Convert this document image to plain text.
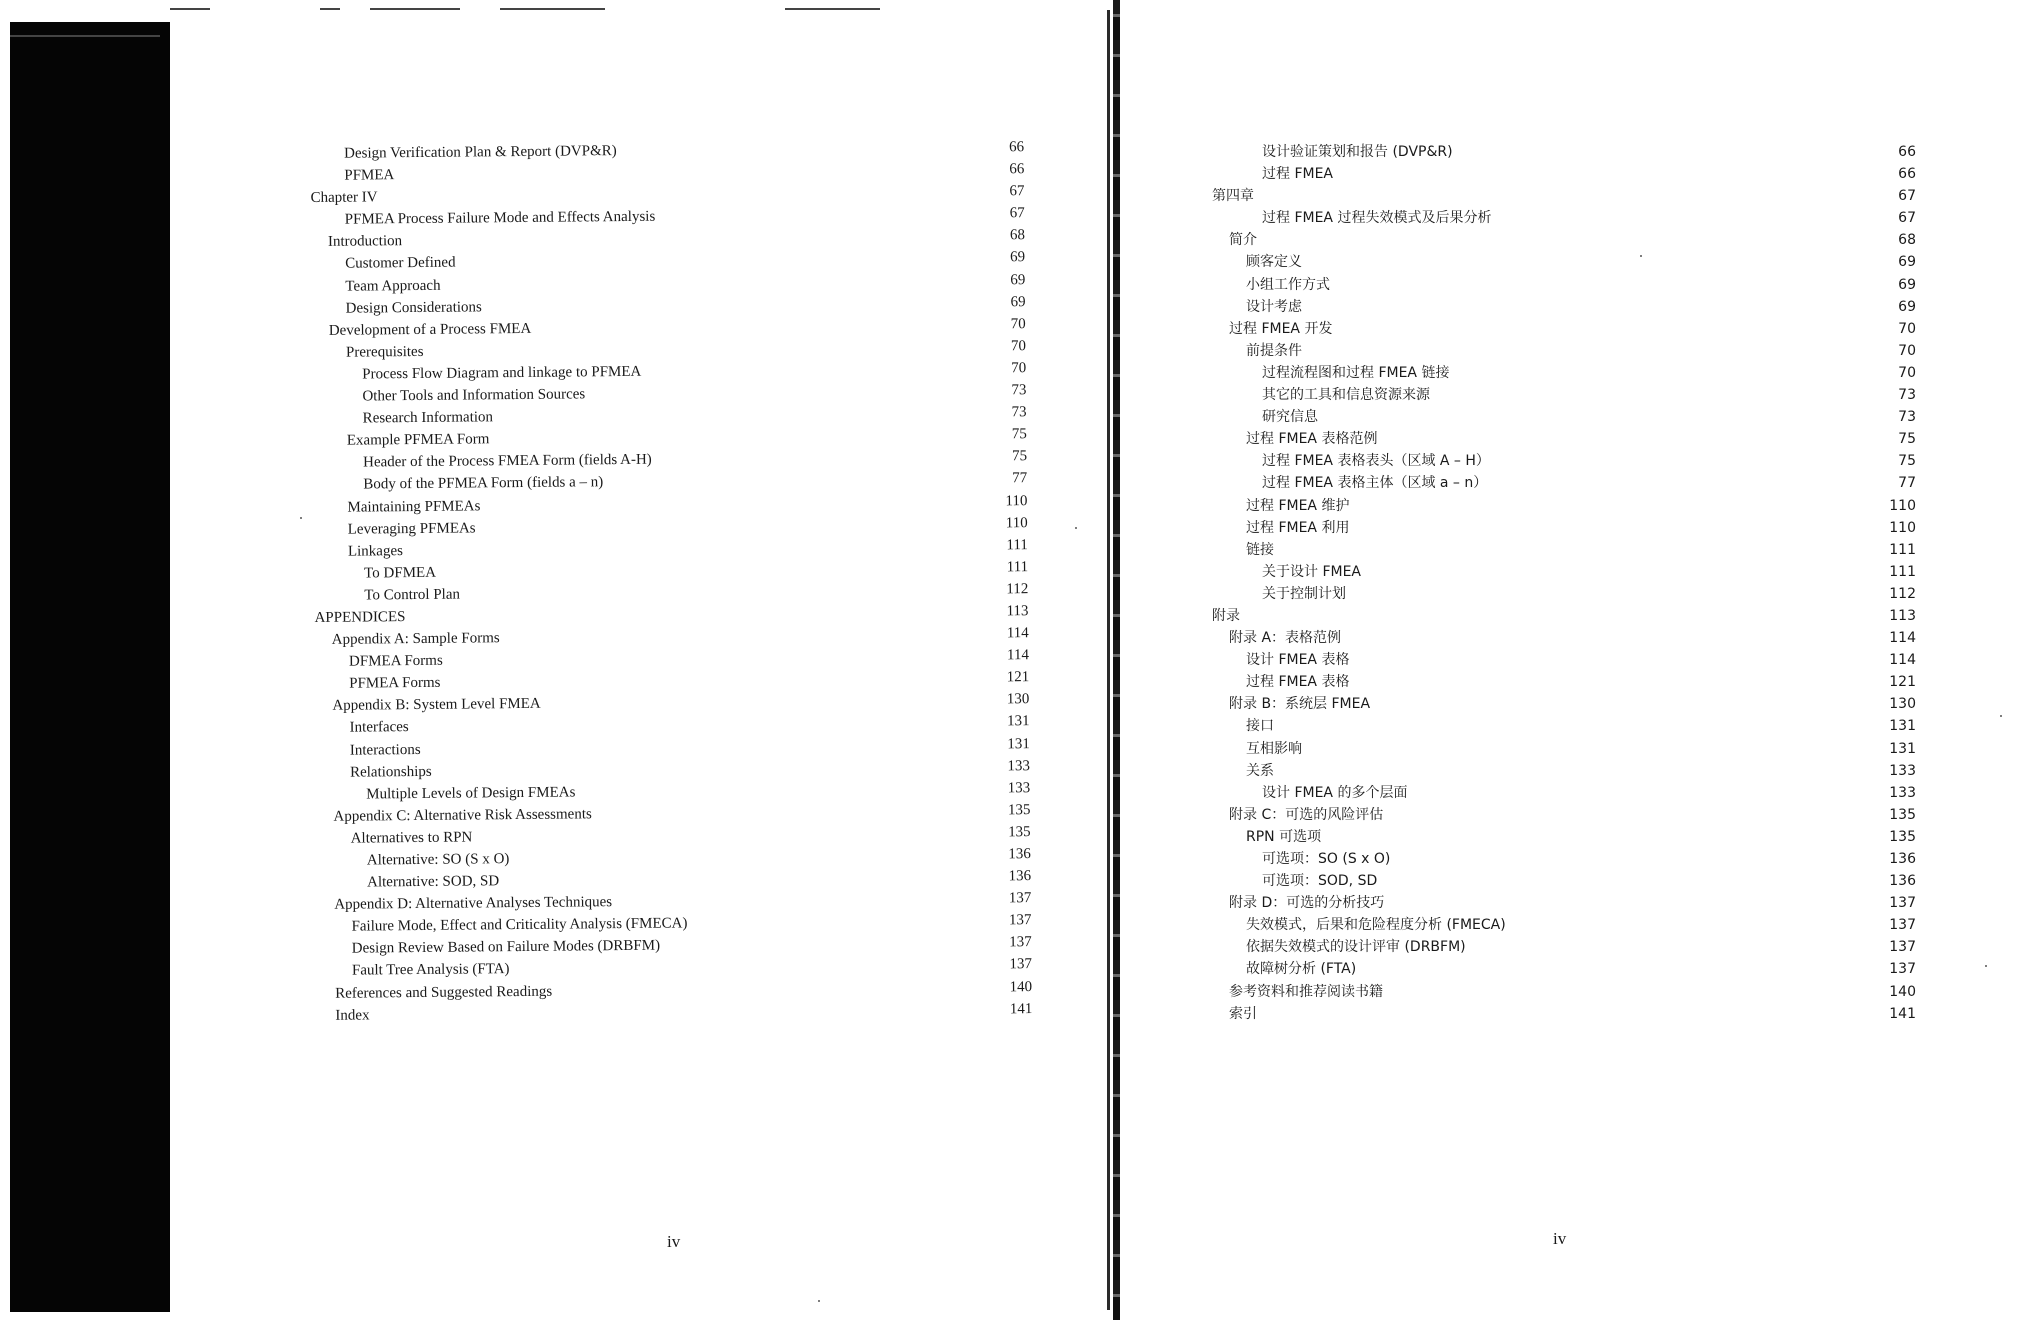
Design Verification Plan & Report (DVP&R)	66
PFMEA	66
Chapter IV	67
PFMEA Process Failure Mode and Effects Analysis	67
Introduction	68
Customer Defined	69
Team Approach	69
Design Considerations	69
Development of a Process FMEA	70
Prerequisites	70
Process Flow Diagram and linkage to PFMEA	70
Other Tools and Information Sources	73
Research Information	73
Example PFMEA Form	75
Header of the Process FMEA Form (fields A-H)	75
Body of the PFMEA Form (fields a – n)	77
Maintaining PFMEAs	110
Leveraging PFMEAs	110
Linkages	111
To DFMEA	111
To Control Plan	112
APPENDICES	113
Appendix A: Sample Forms	114
DFMEA Forms	114
PFMEA Forms	121
Appendix B: System Level FMEA	130
Interfaces	131
Interactions	131
Relationships	133
Multiple Levels of Design FMEAs	133
Appendix C: Alternative Risk Assessments	135
Alternatives to RPN	135
Alternative: SO (S x O)	136
Alternative: SOD, SD	136
Appendix D: Alternative Analyses Techniques	137
Failure Mode, Effect and Criticality Analysis (FMECA)	137
Design Review Based on Failure Modes (DRBFM)	137
Fault Tree Analysis (FTA)	137
References and Suggested Readings	140
Index	141
iv
设计验证策划和报告 (DVP&R)	66
过程 FMEA	66
第四章	67
过程 FMEA 过程失效模式及后果分析	67
简介	68
顾客定义	69
小组工作方式	69
设计考虑	69
过程 FMEA 开发	70
前提条件	70
过程流程图和过程 FMEA 链接	70
其它的工具和信息资源来源	73
研究信息	73
过程 FMEA 表格范例	75
过程 FMEA 表格表头（区域 A – H）	75
过程 FMEA 表格主体（区域 a – n）	77
过程 FMEA 维护	110
过程 FMEA 利用	110
链接	111
关于设计 FMEA	111
关于控制计划	112
附录	113
附录 A：表格范例	114
设计 FMEA 表格	114
过程 FMEA 表格	121
附录 B：系统层 FMEA	130
接口	131
互相影响	131
关系	133
设计 FMEA 的多个层面	133
附录 C：可选的风险评估	135
RPN 可选项	135
可选项：SO (S x O)	136
可选项：SOD, SD	136
附录 D：可选的分析技巧	137
失效模式，后果和危险程度分析 (FMECA)	137
依据失效模式的设计评审 (DRBFM)	137
故障树分析 (FTA)	137
参考资料和推荐阅读书籍	140
索引	141
iv
